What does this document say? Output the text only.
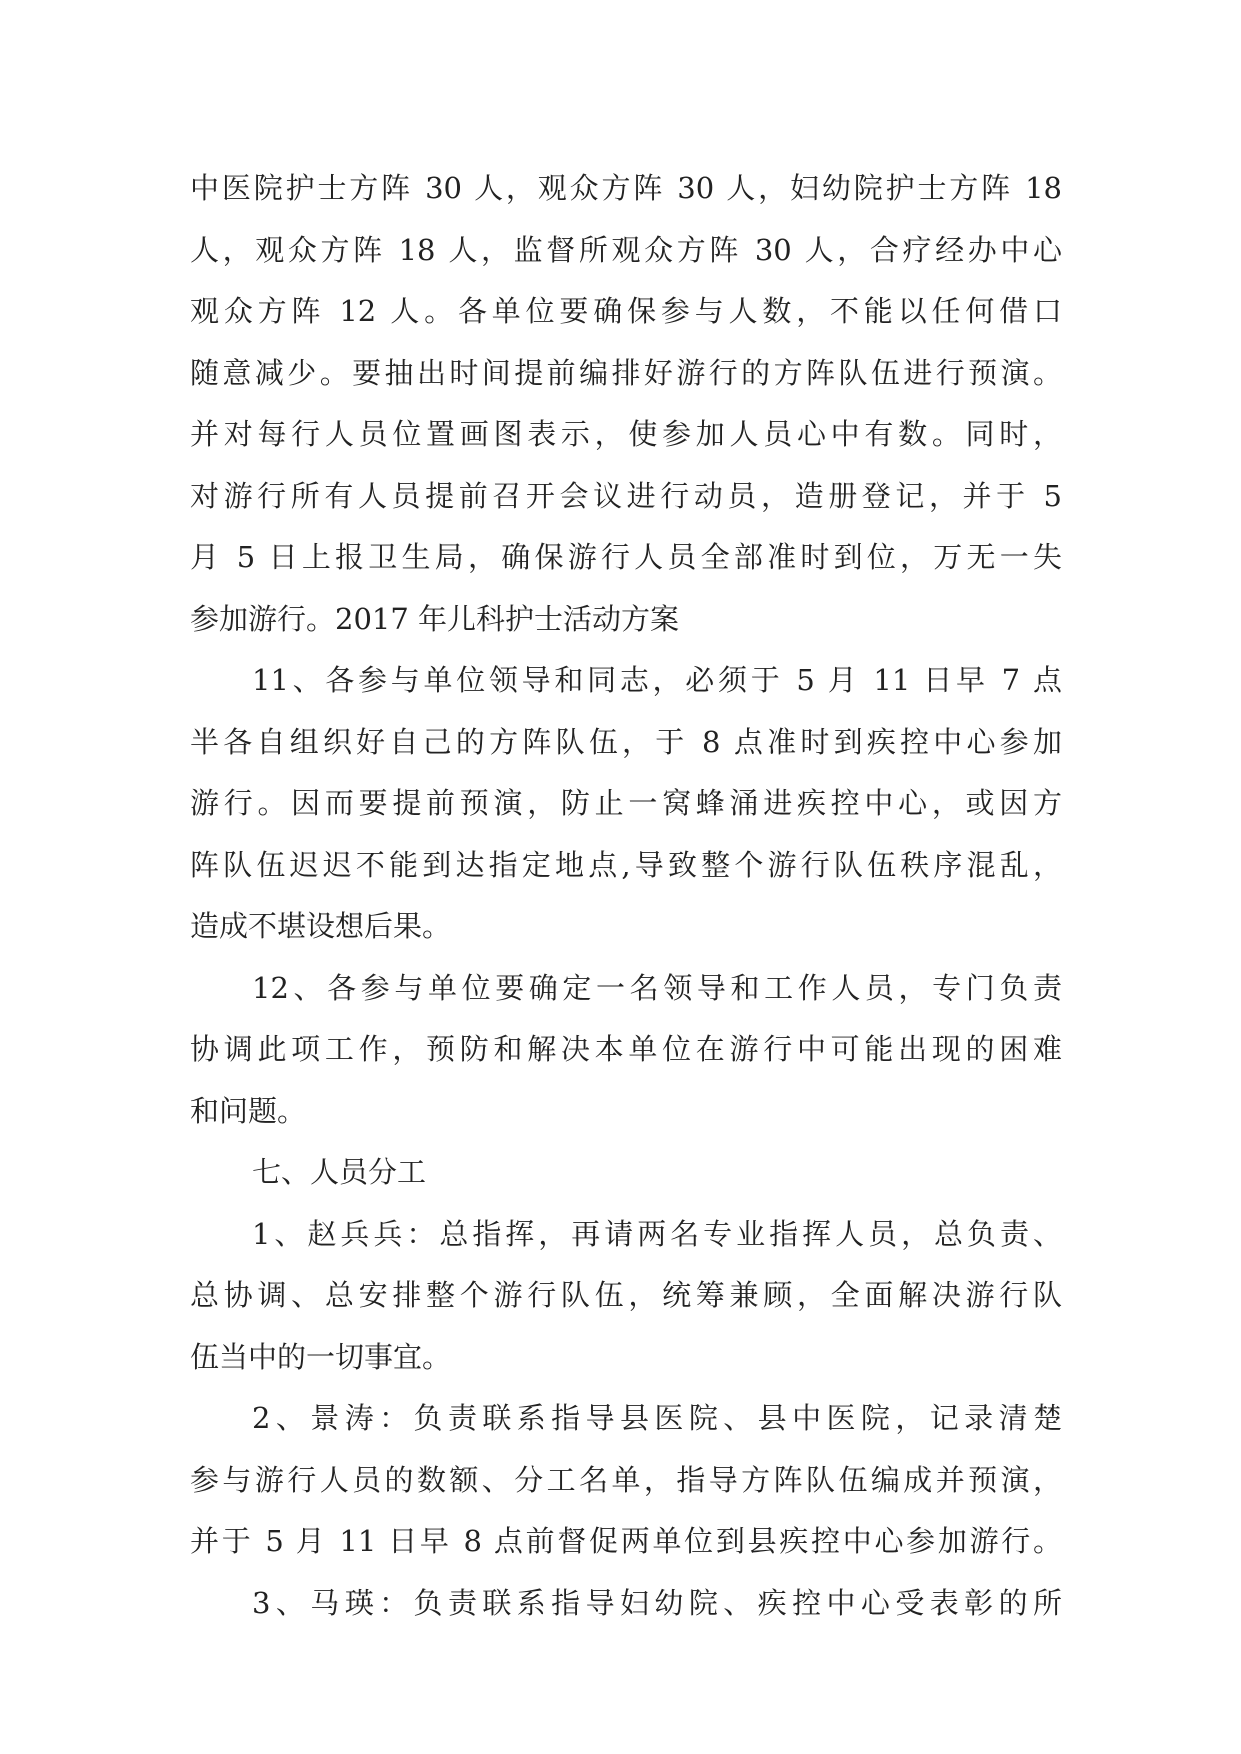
中医院护士方阵 30 人，观众方阵 30 人，妇幼院护士方阵 18
人，观众方阵 18 人，监督所观众方阵 30 人，合疗经办中心
观众方阵 12 人。各单位要确保参与人数，不能以任何借口
随意减少。要抽出时间提前编排好游行的方阵队伍进行预演。
并对每行人员位置画图表示，使参加人员心中有数。同时，
对游行所有人员提前召开会议进行动员，造册登记，并于 5
月 5 日上报卫生局，确保游行人员全部准时到位，万无一失
参加游行。2017 年儿科护士活动方案
11、各参与单位领导和同志，必须于 5 月 11 日早 7 点
半各自组织好自己的方阵队伍，于 8 点准时到疾控中心参加
游行。因而要提前预演，防止一窝蜂涌进疾控中心，或因方
阵队伍迟迟不能到达指定地点,导致整个游行队伍秩序混乱，
造成不堪设想后果。
12、各参与单位要确定一名领导和工作人员，专门负责
协调此项工作，预防和解决本单位在游行中可能出现的困难
和问题。
七、人员分工
1、赵兵兵：总指挥，再请两名专业指挥人员，总负责、
总协调、总安排整个游行队伍，统筹兼顾，全面解决游行队
伍当中的一切事宜。
2、景涛：负责联系指导县医院、县中医院，记录清楚
参与游行人员的数额、分工名单，指导方阵队伍编成并预演，
并于 5 月 11 日早 8 点前督促两单位到县疾控中心参加游行。
3、马瑛：负责联系指导妇幼院、疾控中心受表彰的所
